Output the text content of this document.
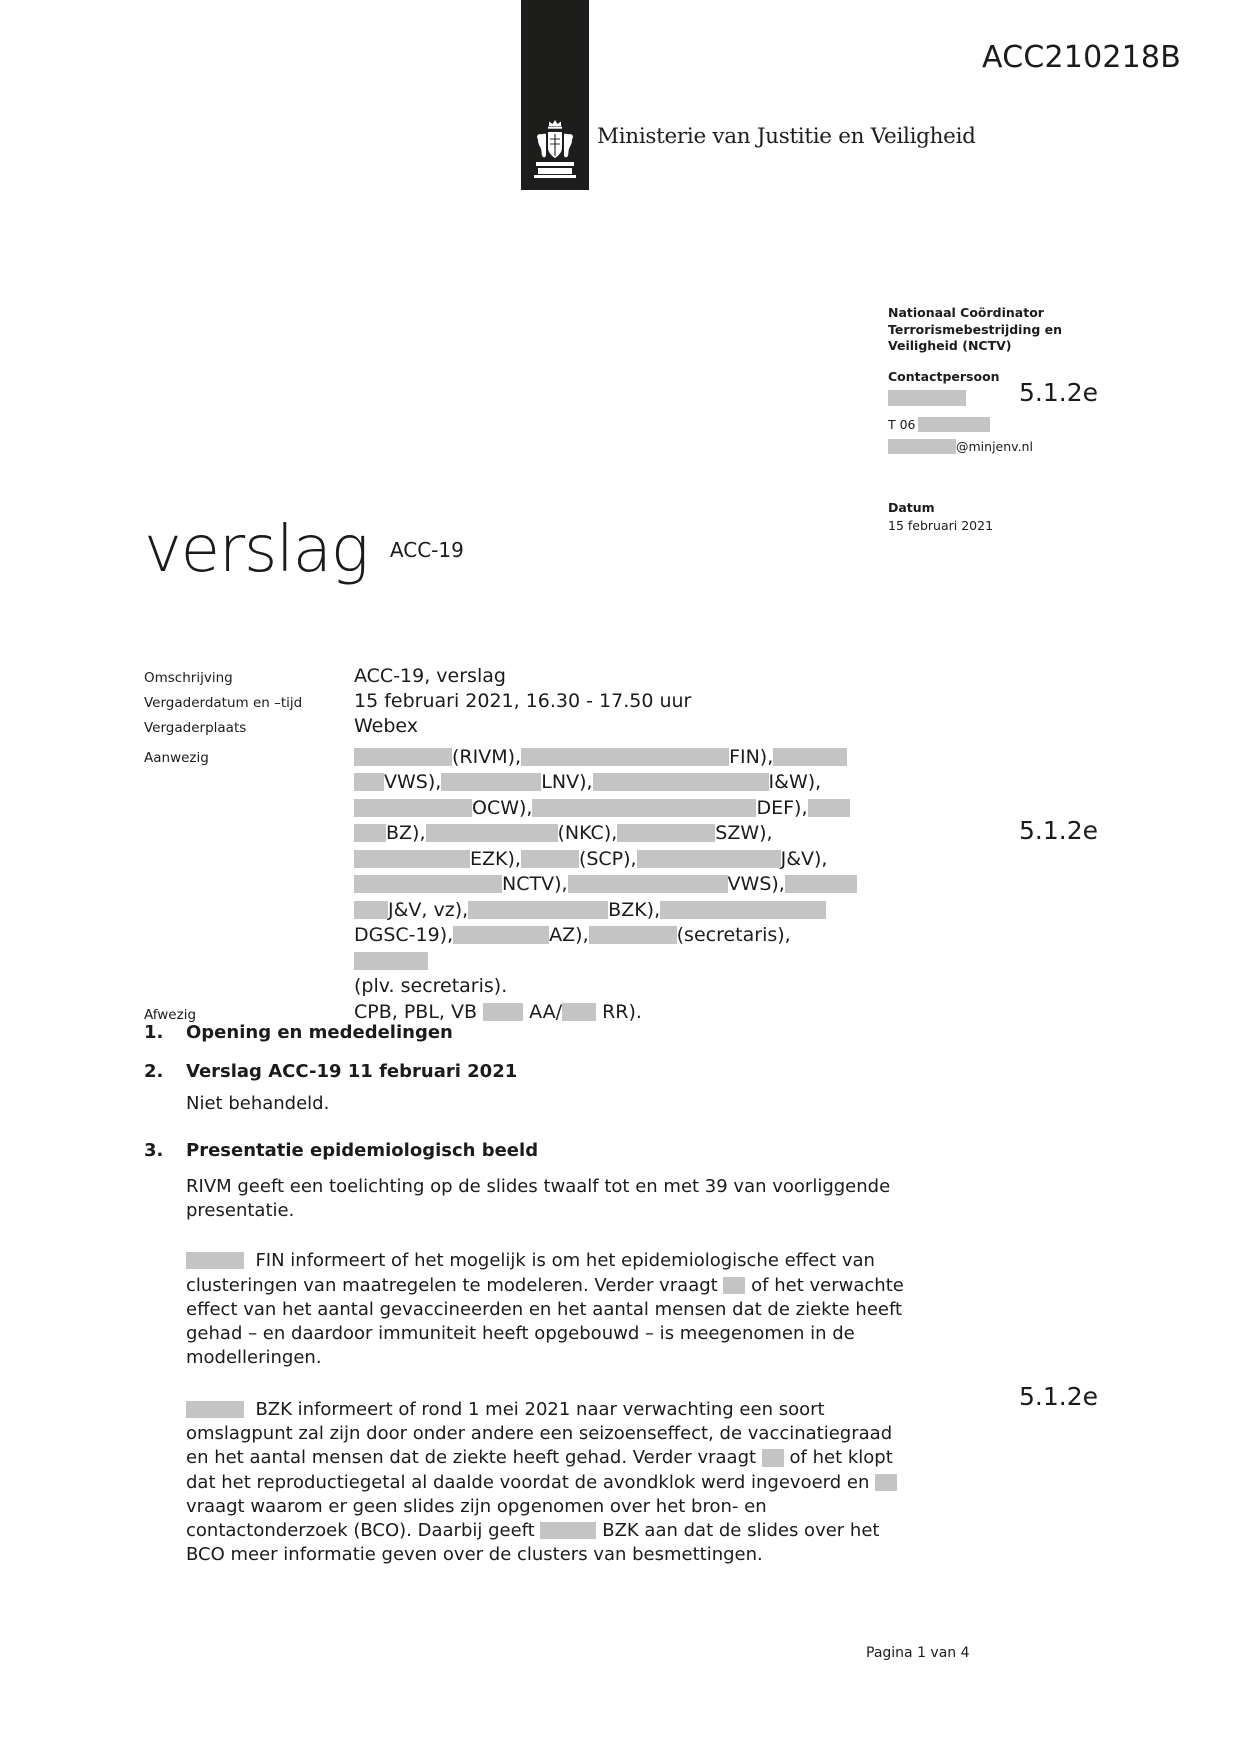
Ministerie van Justitie en Veiligheid
ACC210218B
Nationaal Coördinator
Terrorismebestrijding en
Veiligheid (NCTV)
Contactpersoon
T 06
@minjenv.nl
Datum
15 februari 2021
5.1.2e
5.1.2e
5.1.2e
verslag ACC-19
Omschrijving	ACC-19, verslag
Vergaderdatum en –tijd	15 februari 2021, 16.30 - 17.50 uur
Vergaderplaats	Webex
Aanwezig	(RIVM),	FIN),VWS),	LNV),	I&W),OCW),	DEF),BZ),	(NKC),	SZW),EZK),	(SCP),	J&V),NCTV),	VWS),J&V, vz),	BZK),DGSC-19),	AZ),	(secretaris),
(plv. secretaris).
Afwezig	CPB, PBL, VB  AA/ RR).
1.	Opening en mededelingen
2.	Verslag ACC-19 11 februari 2021

Niet behandeld.

3.	Presentatie epidemiologisch beeld

RIVM geeft een toelichting op de slides twaalf tot en met 39 van voorliggende presentatie.

FIN informeert of het mogelijk is om het epidemiologische effect van clusteringen van maatregelen te modeleren. Verder vraagt of het verwachte effect van het aantal gevaccineerden en het aantal mensen dat de ziekte heeft gehad – en daardoor immuniteit heeft opgebouwd – is meegenomen in de modelleringen.

BZK informeert of rond 1 mei 2021 naar verwachting een soort omslagpunt zal zijn door onder andere een seizoenseffect, de vaccinatiegraad en het aantal mensen dat de ziekte heeft gehad. Verder vraagt of het klopt dat het reproductiegetal al daalde voordat de avondklok werd ingevoerd en  vraagt waarom er geen slides zijn opgenomen over het bron- en contactonderzoek (BCO). Daarbij geeft	BZK aan dat de slides over het BCO meer informatie geven over de clusters van besmettingen.

Pagina 1 van 4
